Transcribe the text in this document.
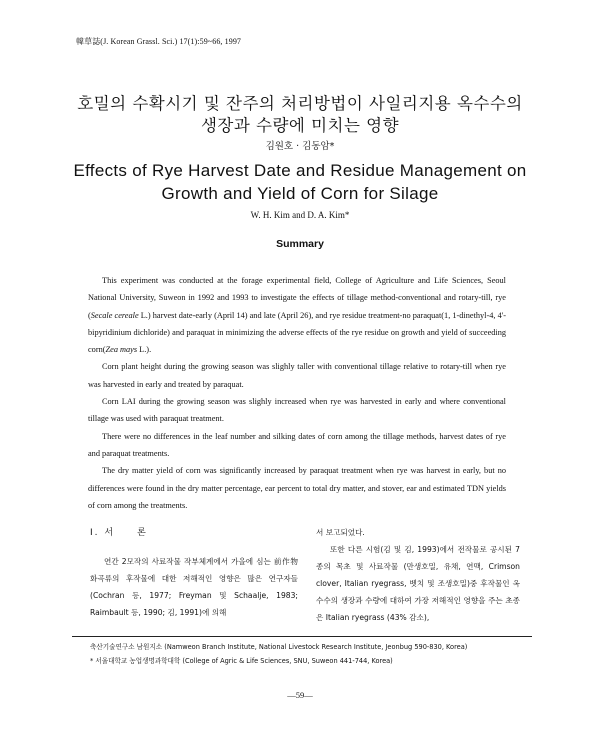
韓草誌(J. Korean Grassl. Sci.) 17(1):59~66, 1997
호밀의 수확시기 및 잔주의 처리방법이 사일리지용 옥수수의
생장과 수량에 미치는 영향
김원호 · 김동암*
Effects of Rye Harvest Date and Residue Management on
Growth and Yield of Corn for Silage
W. H. Kim and D. A. Kim*
Summary

This experiment was conducted at the forage experimental field, College of Agriculture and Life Sciences, Seoul National University, Suweon in 1992 and 1993 to investigate the effects of tillage method-conventional and rotary-till, rye (Secale cereale L.) harvest date-early (April 14) and late (April 26), and rye residue treatment-no paraquat(1, 1-dinethyl-4, 4'-bipyridinium dichloride) and paraquat in minimizing the adverse effects of the rye residue on growth and yield of succeeding corn(Zea mays L.).

Corn plant height during the growing season was slighly taller with conventional tillage relative to rotary-till when rye was harvested in early and treated by paraquat.

Corn LAI during the growing season was slighly increased when rye was harvested in early and where conventional tillage was used with paraquat treatment.

There were no differences in the leaf number and silking dates of corn among the tillage methods, harvest dates of rye and paraquat treatments.

The dry matter yield of corn was significantly increased by paraquat treatment when rye was harvest in early, but no differences were found in the dry matter percentage, ear percent to total dry matter, and stover, ear and estimated TDN yields of corn among the treatments.

I. 서　　론

연간 2모작의 사료작물 작부체계에서 가을에 심는 前作物 화곡류의 후작물에 대한 저해적인 영향은 많은 연구자들(Cochran 등, 1977; Freyman 및 Schaalje, 1983; Raimbault 등, 1990; 김, 1991)에 의해

서 보고되었다.

또한 다른 시험(김 및 김, 1993)에서 전작물로 공시된 7종의 목초 및 사료작물 (만생호밀, 유채, 연맥, Crimson clover, Italian ryegrass, 벳치 및 조생호밀)중 후작물인 옥수수의 생장과 수량에 대하여 가장 저해적인 영향을 주는 초종은 Italian ryegrass (43% 감소),

축산기술연구소 남원지소 (Namweon Branch Institute, National Livestock Research Institute, Jeonbug 590-830, Korea)
* 서울대학교 농업생명과학대학 (College of Agric & Life Sciences, SNU, Suweon 441-744, Korea)
—59—
